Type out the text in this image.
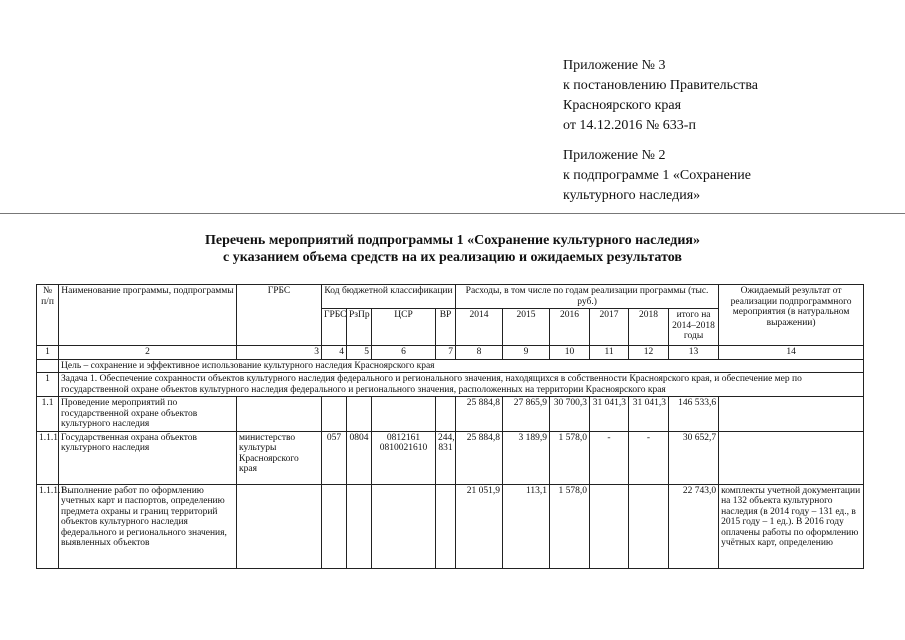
Приложение № 3
к постановлению Правительства
Красноярского края
от 14.12.2016 № 633-п
Приложение № 2
к подпрограмме 1 «Сохранение
культурного наследия»
Перечень мероприятий подпрограммы 1 «Сохранение культурного наследия»
с указанием объема средств на их реализацию и ожидаемых результатов
№ п/п	Наименование программы, подпрограммы	ГРБС	Код бюджетной классификации				Расходы, в том числе по годам реализации программы (тыс. руб.)						Ожидаемый результат от реализации подпрограммного мероприятия (в натуральном выражении)
			ГРБС	РзПр	ЦСР	ВР	2014	2015	2016	2017	2018	итого на 2014–2018 годы	
1	2	3	4	5	6	7	8	9	10	11	12	13	14
	Цель – сохранение и эффективное использование культурного наследия Красноярского края												
1	Задача 1. Обеспечение сохранности объектов культурного наследия федерального и регионального значения, находящихся в собственности Красноярского края, и обеспечение мер по государственной охране объектов культурного наследия федерального и регионального значения, расположенных на территории Красноярского края												
1.1	Проведение мероприятий по государственной охране объектов культурного наследия						25 884,8	27 865,9	30 700,3	31 041,3	31 041,3	146 533,6	
1.1.1	Государственная охрана объектов культурного наследия	министерство культуры Красноярского края	057	0804	0812161 0810021610	244, 831	25 884,8	3 189,9	1 578,0	-	-	30 652,7	
1.1.1.1	Выполнение работ по оформлению учетных карт и паспортов, определению предмета охраны и границ территорий объектов культурного наследия федерального и регионального значения, выявленных объектов						21 051,9	113,1	1 578,0			22 743,0	комплекты учетной документации на 132 объекта культурного наследия (в 2014 году – 131 ед., в 2015 году – 1 ед.). В 2016 году оплачены работы по оформлению учётных карт, определению
